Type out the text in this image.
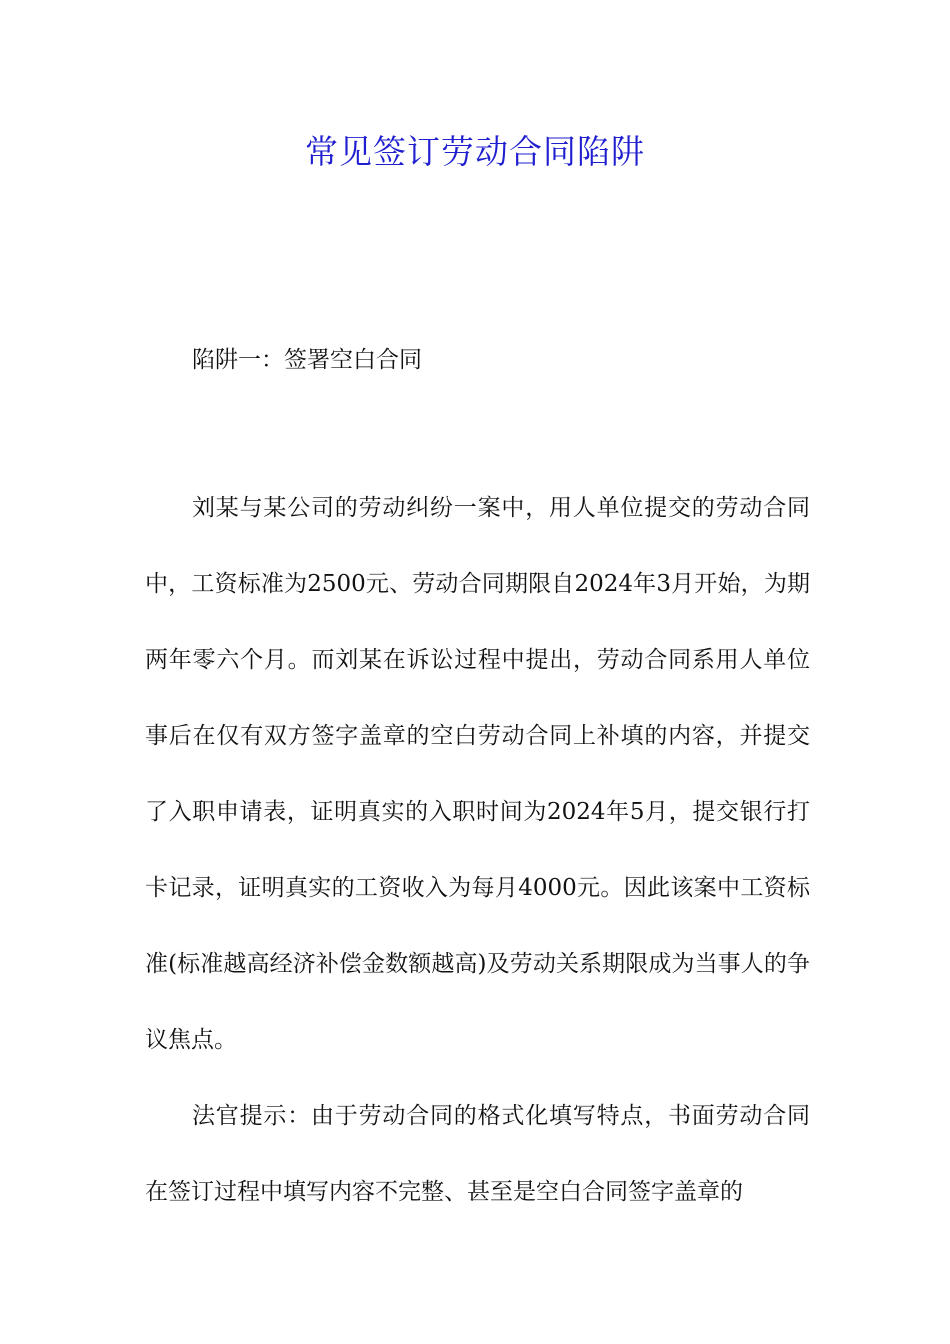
常见签订劳动合同陷阱
陷阱一：签署空白合同

刘某与某公司的劳动纠纷一案中，用人单位提交的劳动合同中，工资标准为2500元、劳动合同期限自2024年3月开始，为期两年零六个月。而刘某在诉讼过程中提出，劳动合同系用人单位事后在仅有双方签字盖章的空白劳动合同上补填的内容，并提交了入职申请表，证明真实的入职时间为2024年5月，提交银行打卡记录，证明真实的工资收入为每月4000元。因此该案中工资标准(标准越高经济补偿金数额越高)及劳动关系期限成为当事人的争议焦点。

法官提示：由于劳动合同的格式化填写特点，书面劳动合同在签订过程中填写内容不完整、甚至是空白合同签字盖章的
